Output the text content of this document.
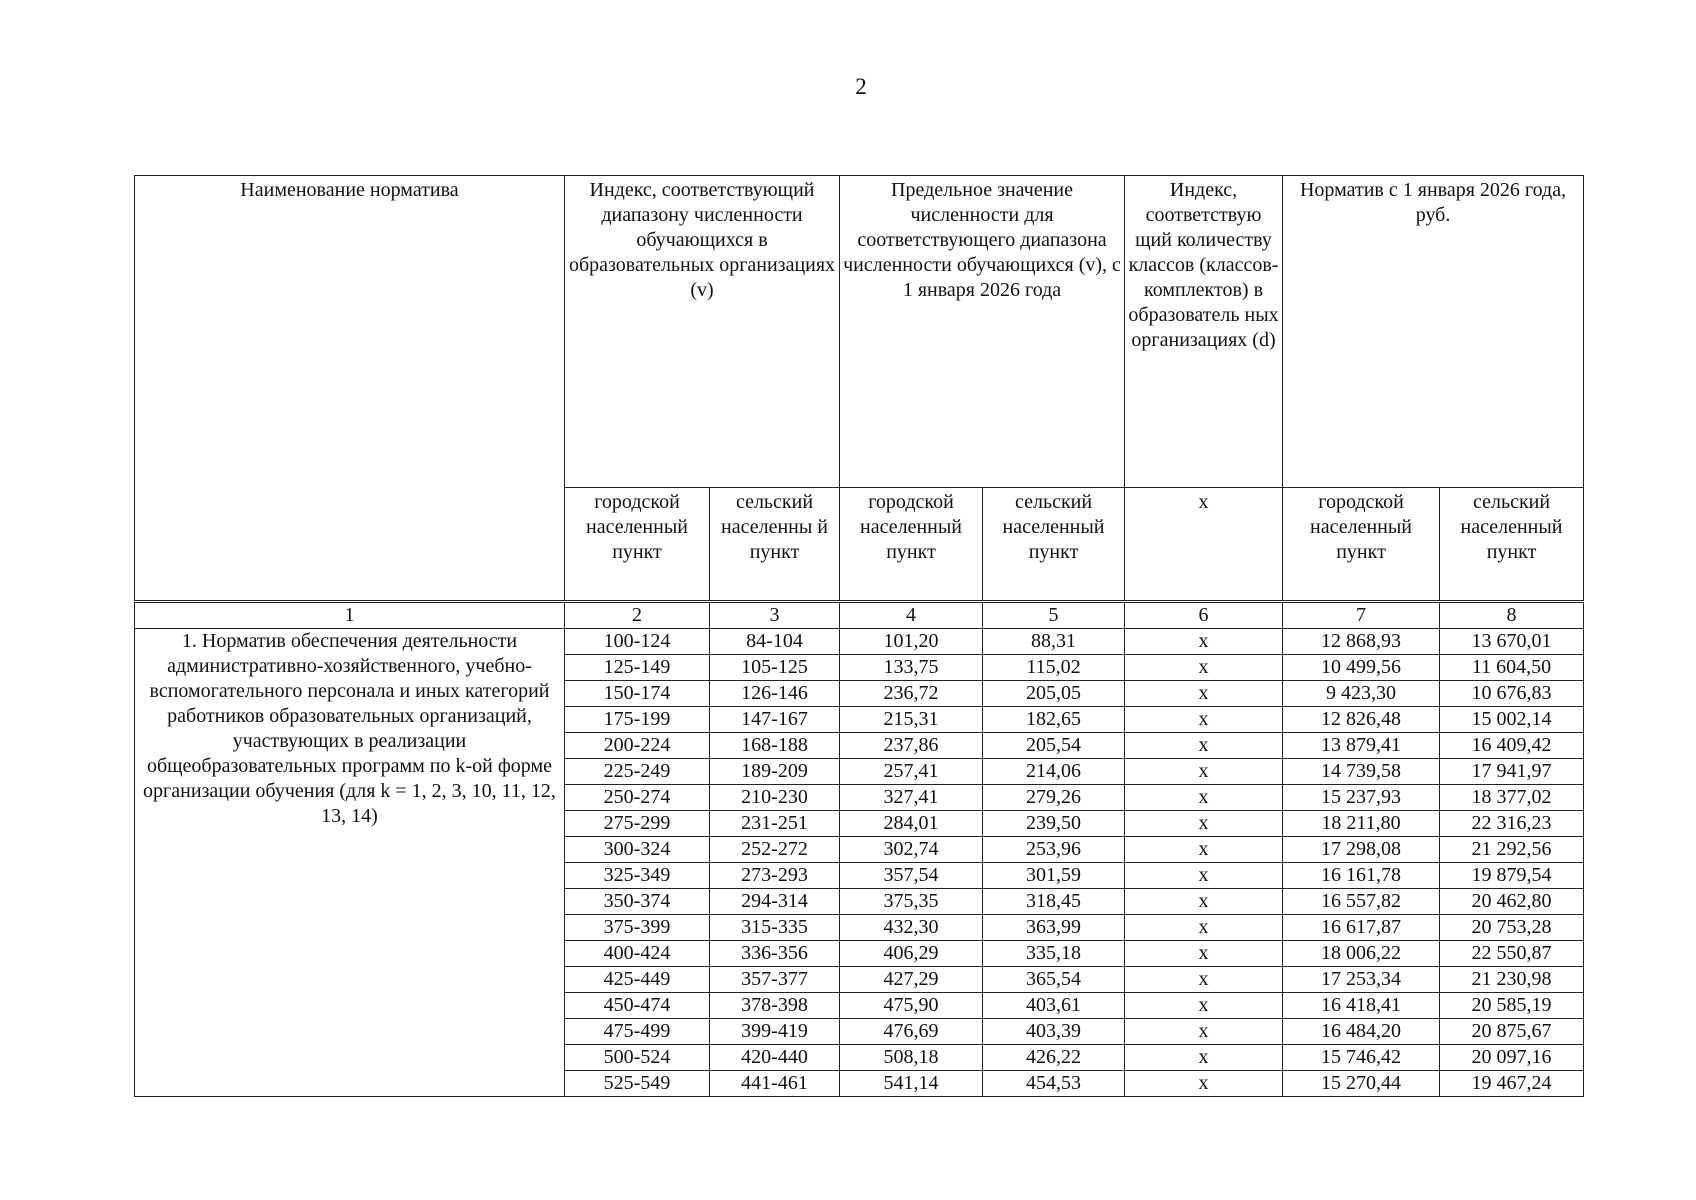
2
Наименование норматива	Индекс, соответствующий диапазону численности обучающихся в образовательных организациях (v)		Предельное значение численности для соответствующего диапазона численности обучающихся (v), с 1 января 2026 года		Индекс, соответствую щий количеству классов (классов-комплектов) в образователь ных организациях (d)	Норматив с 1 января 2026 года, руб.	
	городской населенный пункт	сельский населенны й пункт	городской населенный пункт	сельский населенный пункт	x	городской населенный пункт	сельский населенный пункт
1	2	3	4	5	6	7	8
1. Норматив обеспечения деятельности административно-хозяйственного, учебно-вспомогательного персонала и иных категорий работников образовательных организаций, участвующих в реализации общеобразовательных программ по k-ой форме организации обучения (для k = 1, 2, 3, 10, 11, 12, 13, 14)	100-124	84-104	101,20	88,31	x	12 868,93	13 670,01
	125-149	105-125	133,75	115,02	x	10 499,56	11 604,50
	150-174	126-146	236,72	205,05	x	9 423,30	10 676,83
	175-199	147-167	215,31	182,65	x	12 826,48	15 002,14
	200-224	168-188	237,86	205,54	x	13 879,41	16 409,42
	225-249	189-209	257,41	214,06	x	14 739,58	17 941,97
	250-274	210-230	327,41	279,26	x	15 237,93	18 377,02
	275-299	231-251	284,01	239,50	x	18 211,80	22 316,23
	300-324	252-272	302,74	253,96	x	17 298,08	21 292,56
	325-349	273-293	357,54	301,59	x	16 161,78	19 879,54
	350-374	294-314	375,35	318,45	x	16 557,82	20 462,80
	375-399	315-335	432,30	363,99	x	16 617,87	20 753,28
	400-424	336-356	406,29	335,18	x	18 006,22	22 550,87
	425-449	357-377	427,29	365,54	x	17 253,34	21 230,98
	450-474	378-398	475,90	403,61	x	16 418,41	20 585,19
	475-499	399-419	476,69	403,39	x	16 484,20	20 875,67
	500-524	420-440	508,18	426,22	x	15 746,42	20 097,16
	525-549	441-461	541,14	454,53	x	15 270,44	19 467,24
